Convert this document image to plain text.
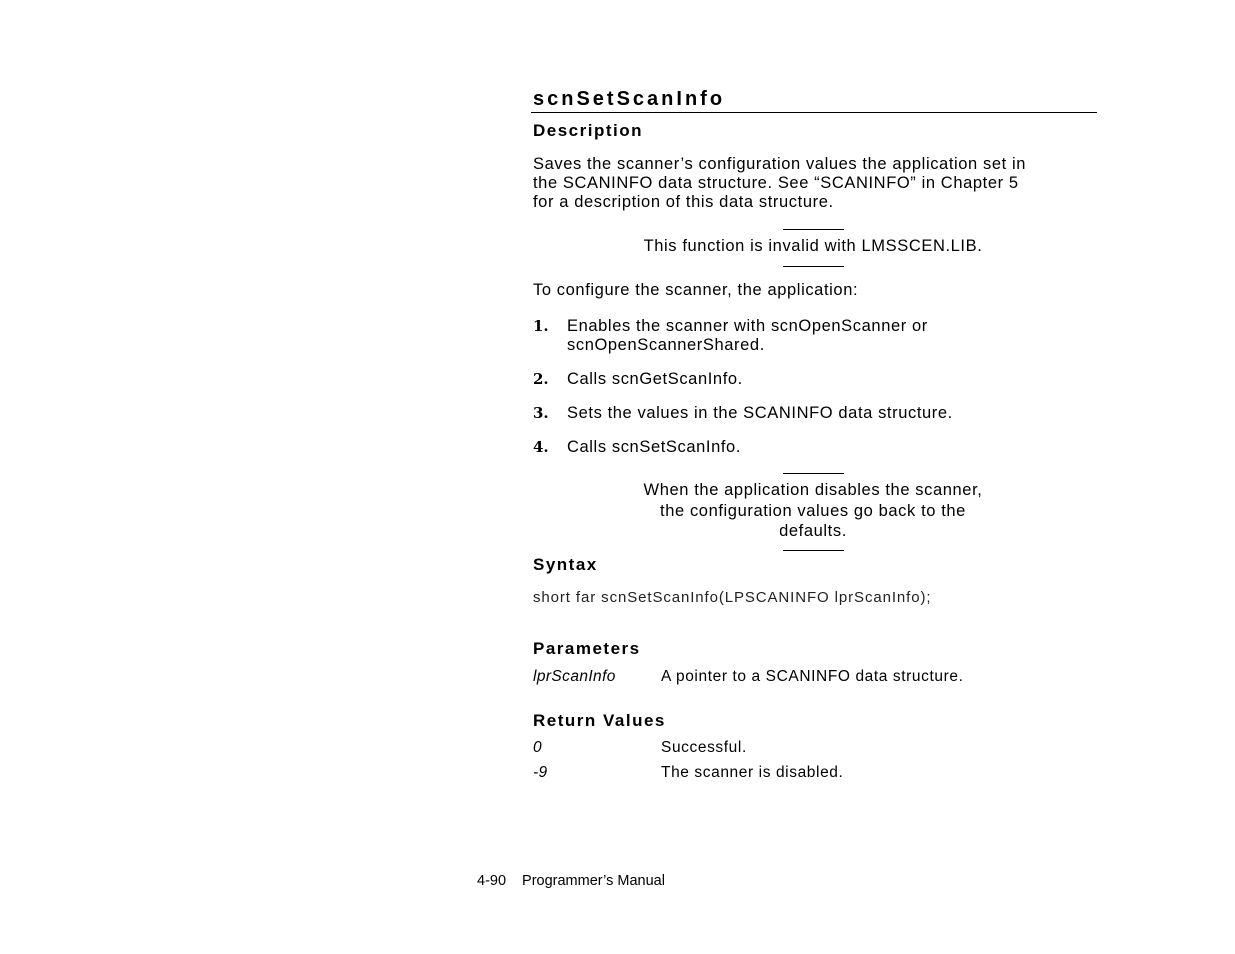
scnSetScanInfo
Description
Saves the scanner’s configuration values the application set in
the SCANINFO data structure. See “SCANINFO” in Chapter 5
for a description of this data structure.

This function is invalid with LMSSCEN.LIB.

To configure the scanner, the application:

1. Enables the scanner with scnOpenScanner or
scnOpenScannerShared.
2. Calls scnGetScanInfo.
3. Sets the values in the SCANINFO data structure.
4. Calls scnSetScanInfo.
When the application disables the scanner,
the configuration values go back to the
defaults.
Syntax

short far scnSetScanInfo(LPSCANINFO lprScanInfo);

Parameters
lprScanInfo	A pointer to a SCANINFO data structure.
Return Values
0	Successful.
-9	The scanner is disabled.
4-90 Programmer’s Manual
